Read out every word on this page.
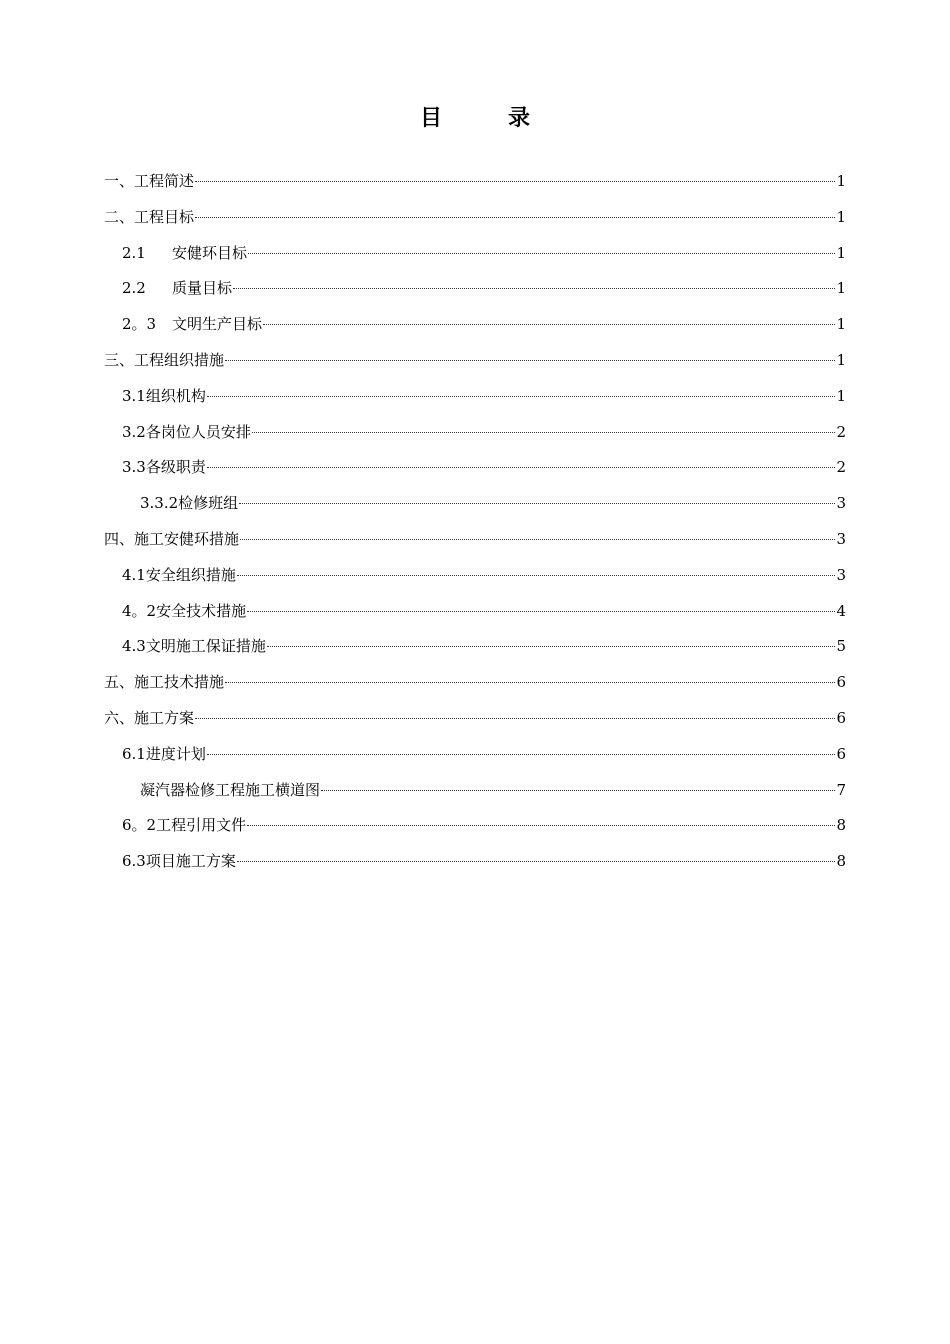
目　录
一、工程简述	1
二、工程目标	1
2.1 安健环目标	1
2.2 质量目标	1
2。3 文明生产目标	1
三、工程组织措施	1
3.1组织机构	1
3.2各岗位人员安排	2
3.3各级职责	2
3.3.2检修班组	3
四、施工安健环措施	3
4.1安全组织措施	3
4。2安全技术措施	4
4.3文明施工保证措施	5
五、施工技术措施	6
六、施工方案	6
6.1进度计划	6
凝汽器检修工程施工横道图	7
6。2工程引用文件	8
6.3项目施工方案	8
